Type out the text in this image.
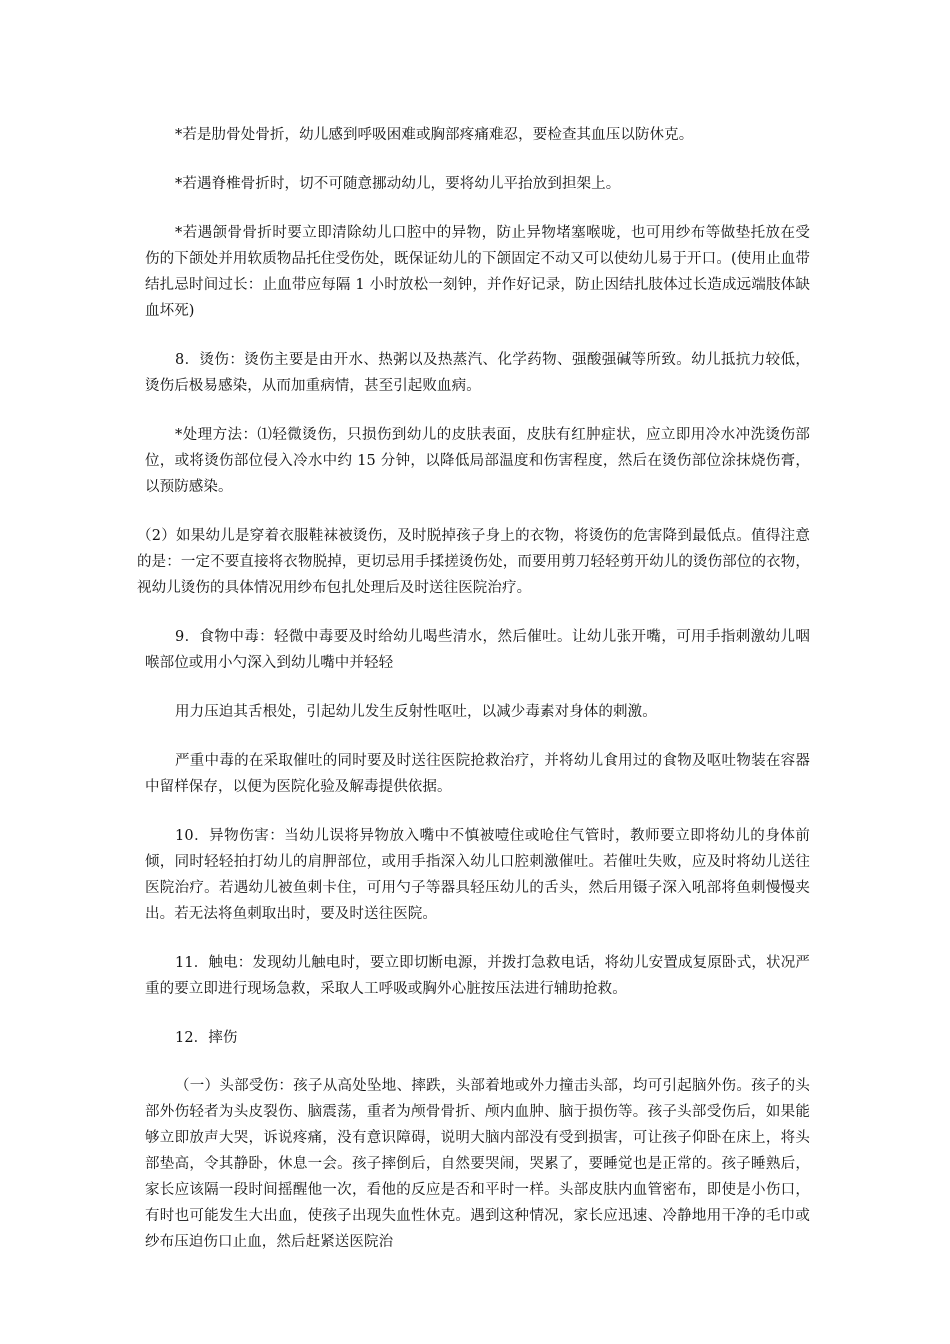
*若是肋骨处骨折，幼儿感到呼吸困难或胸部疼痛难忍，要检查其血压以防休克。

*若遇脊椎骨折时，切不可随意挪动幼儿，要将幼儿平抬放到担架上。

*若遇颌骨骨折时要立即清除幼儿口腔中的异物，防止异物堵塞喉咙，也可用纱布等做垫托放在受伤的下颌处并用软质物品托住受伤处，既保证幼儿的下颌固定不动又可以使幼儿易于开口。(使用止血带结扎忌时间过长：止血带应每隔 1 小时放松一刻钟，并作好记录，防止因结扎肢体过长造成远端肢体缺血坏死)

8．烫伤：烫伤主要是由开水、热粥以及热蒸汽、化学药物、强酸强碱等所致。幼儿抵抗力较低，烫伤后极易感染，从而加重病情，甚至引起败血病。

*处理方法：⑴轻微烫伤，只损伤到幼儿的皮肤表面，皮肤有红肿症状，应立即用冷水冲洗烫伤部位，或将烫伤部位侵入冷水中约 15 分钟，以降低局部温度和伤害程度，然后在烫伤部位涂抹烧伤膏，以预防感染。

（2）如果幼儿是穿着衣服鞋袜被烫伤，及时脱掉孩子身上的衣物，将烫伤的危害降到最低点。值得注意的是：一定不要直接将衣物脱掉，更切忌用手揉搓烫伤处，而要用剪刀轻轻剪开幼儿的烫伤部位的衣物，视幼儿烫伤的具体情况用纱布包扎处理后及时送往医院治疗。

9．食物中毒：轻微中毒要及时给幼儿喝些清水，然后催吐。让幼儿张开嘴，可用手指刺激幼儿咽喉部位或用小勺深入到幼儿嘴中并轻轻

用力压迫其舌根处，引起幼儿发生反射性呕吐，以减少毒素对身体的刺激。

严重中毒的在采取催吐的同时要及时送往医院抢救治疗，并将幼儿食用过的食物及呕吐物装在容器中留样保存，以便为医院化验及解毒提供依据。

10．异物伤害：当幼儿误将异物放入嘴中不慎被噎住或呛住气管时，教师要立即将幼儿的身体前倾，同时轻轻拍打幼儿的肩胛部位，或用手指深入幼儿口腔刺激催吐。若催吐失败，应及时将幼儿送往医院治疗。若遇幼儿被鱼刺卡住，可用勺子等器具轻压幼儿的舌头，然后用镊子深入吼部将鱼刺慢慢夹出。若无法将鱼刺取出时，要及时送往医院。

11．触电：发现幼儿触电时，要立即切断电源，并拨打急救电话，将幼儿安置成复原卧式，状况严重的要立即进行现场急救，采取人工呼吸或胸外心脏按压法进行辅助抢救。

12．摔伤

（一）头部受伤：孩子从高处坠地、摔跌，头部着地或外力撞击头部，均可引起脑外伤。孩子的头部外伤轻者为头皮裂伤、脑震荡，重者为颅骨骨折、颅内血肿、脑于损伤等。孩子头部受伤后，如果能够立即放声大哭，诉说疼痛，没有意识障碍，说明大脑内部没有受到损害，可让孩子仰卧在床上，将头部垫高，令其静卧，休息一会。孩子摔倒后，自然要哭闹，哭累了，要睡觉也是正常的。孩子睡熟后，家长应该隔一段时间摇醒他一次，看他的反应是否和平时一样。头部皮肤内血管密布，即使是小伤口，有时也可能发生大出血，使孩子出现失血性休克。遇到这种情况，家长应迅速、冷静地用干净的毛巾或纱布压迫伤口止血，然后赶紧送医院治
